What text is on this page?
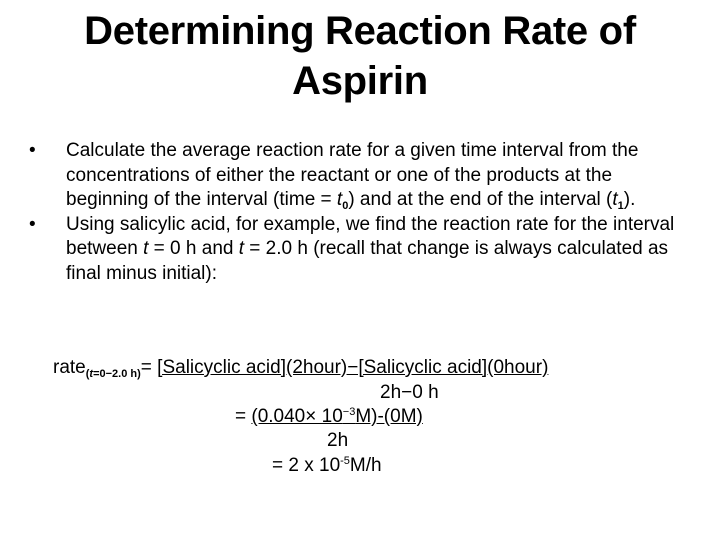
Determining Reaction Rate of
Aspirin
• Calculate the average reaction rate for a given time interval from the concentrations of either the reactant or one of the products at the beginning of the interval (time = $t_0$) and at the end of the interval $(t_1)$.
• Using salicylic acid, for example, we find the reaction rate for the interval between t = 0 h and t = 2.0 h (recall that change is always calculated as final minus initial):
rate$_{(t=0-2.0 h)}$= [Salicyclic acid](2hour)−[Salicyclic acid](0hour)
2h−0 h
= $(0.040\times 10^{-3}M)-(0M)$
2h
= 2 x $10^{-5}M/h$
